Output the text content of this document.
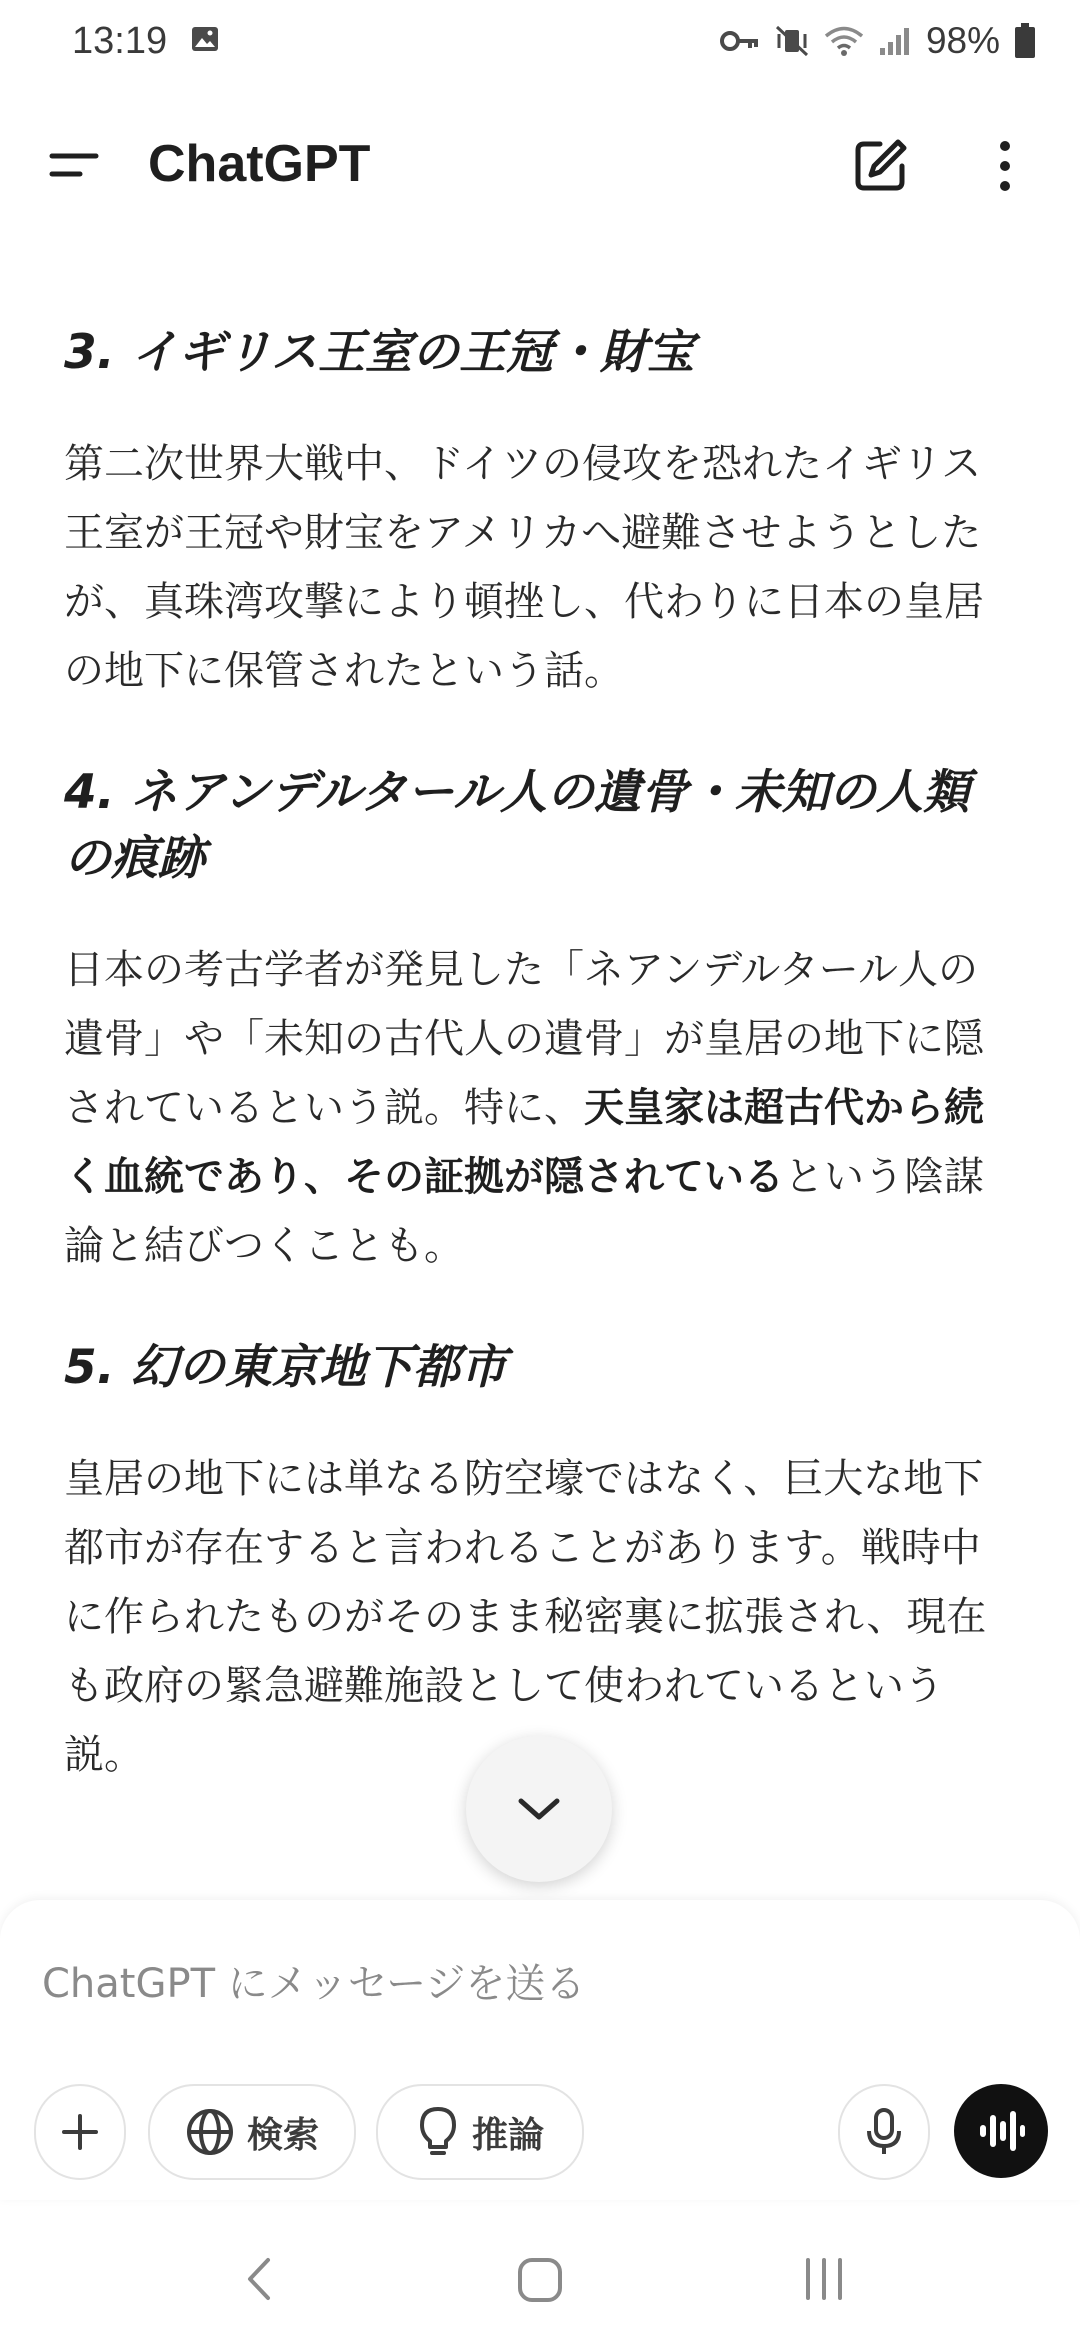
13:19	98%
ChatGPT
3. イギリス王室の王冠・財宝

第二次世界大戦中、ドイツの侵攻を恐れたイギリス王室が王冠や財宝をアメリカへ避難させようとしたが、真珠湾攻撃により頓挫し、代わりに日本の皇居の地下に保管されたという話。

4. ネアンデルタール人の遺骨・未知の人類の痕跡

日本の考古学者が発見した「ネアンデルタール人の遺骨」や「未知の古代人の遺骨」が皇居の地下に隠されているという説。特に、天皇家は超古代から続く血統であり、その証拠が隠されているという陰謀論と結びつくことも。

5. 幻の東京地下都市

皇居の地下には単なる防空壕ではなく、巨大な地下都市が存在すると言われることがあります。戦時中に作られたものがそのまま秘密裏に拡張され、現在も政府の緊急避難施設として使われているという説。

ChatGPT にメッセージを送る
検索	推論
